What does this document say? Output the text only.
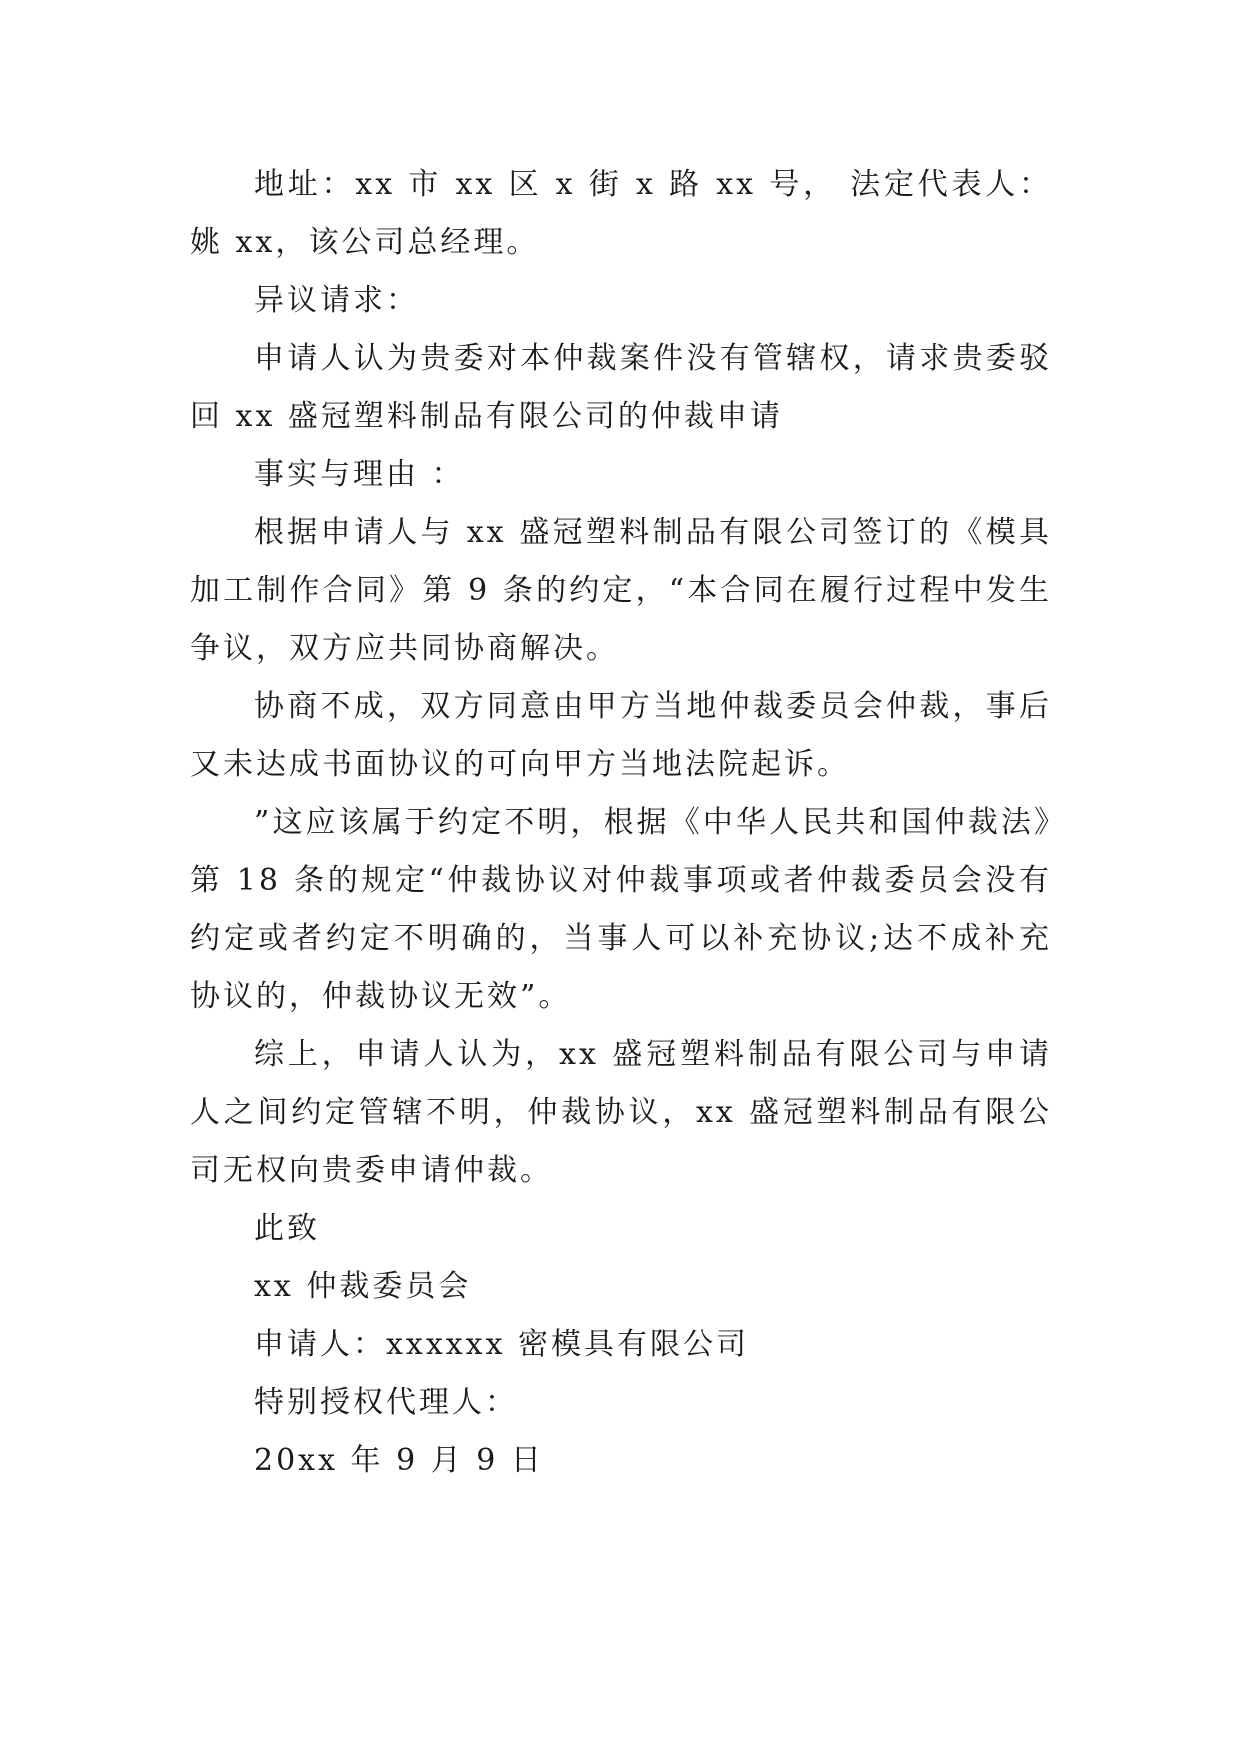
地址：xx 市 xx 区 x 街 x 路 xx 号， 法定代表人：姚 xx，该公司总经理。

异议请求：

申请人认为贵委对本仲裁案件没有管辖权，请求贵委驳回 xx 盛冠塑料制品有限公司的仲裁申请

事实与理由 ：

根据申请人与 xx 盛冠塑料制品有限公司签订的《模具加工制作合同》第 9 条的约定，“本合同在履行过程中发生争议，双方应共同协商解决。

协商不成，双方同意由甲方当地仲裁委员会仲裁，事后又未达成书面协议的可向甲方当地法院起诉。

”这应该属于约定不明，根据《中华人民共和国仲裁法》第 18 条的规定“仲裁协议对仲裁事项或者仲裁委员会没有约定或者约定不明确的，当事人可以补充协议;达不成补充协议的，仲裁协议无效”。

综上，申请人认为，xx 盛冠塑料制品有限公司与申请人之间约定管辖不明，仲裁协议，xx 盛冠塑料制品有限公司无权向贵委申请仲裁。

此致

xx 仲裁委员会

申请人：xxxxxx 密模具有限公司

特别授权代理人：

20xx 年 9 月 9 日
